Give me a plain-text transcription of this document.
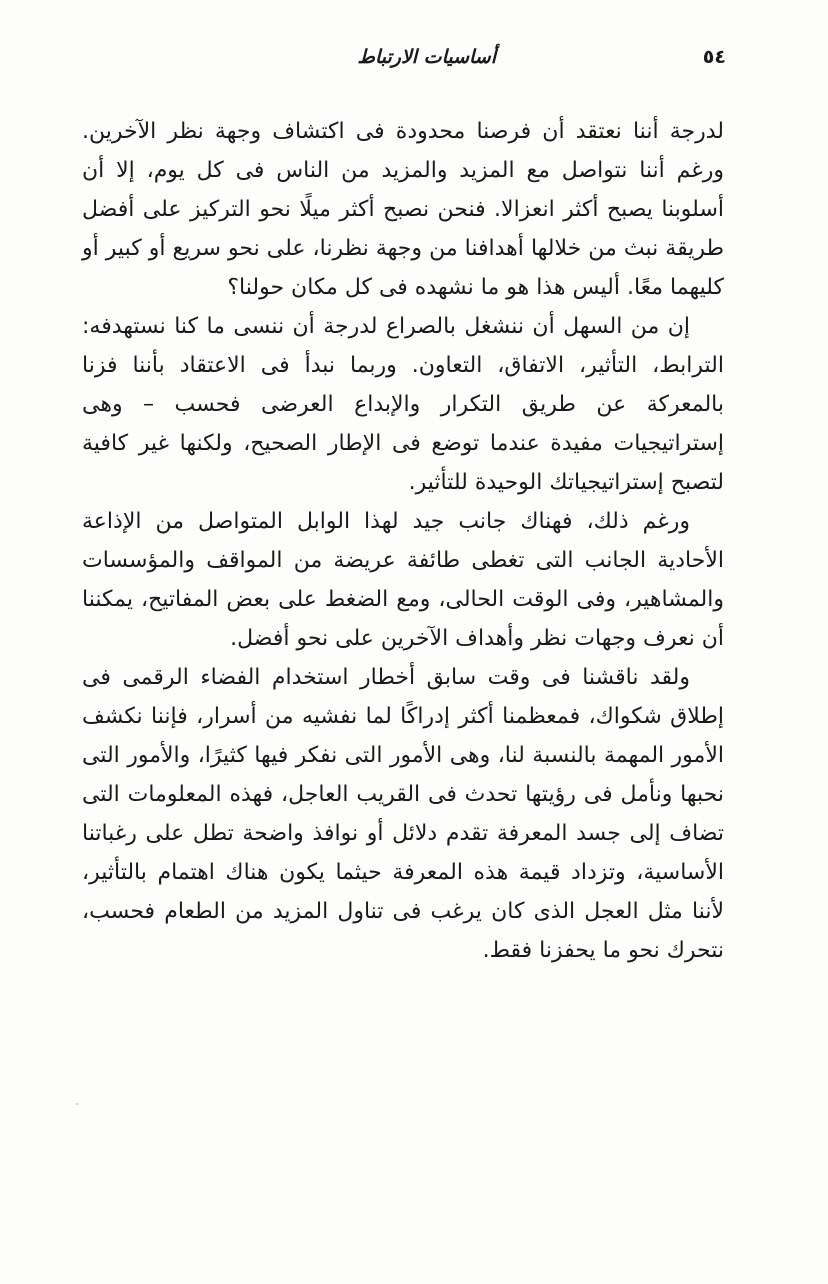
٥٤
أساسيات الارتباط

لدرجة أننا نعتقد أن فرصنا محدودة فى اكتشاف وجهة نظر الآخرين. ورغم أننا نتواصل مع المزيد والمزيد من الناس فى كل يوم، إلا أن أسلوبنا يصبح أكثر انعزالا. فنحن نصبح أكثر ميلًا نحو التركيز على أفضل طريقة نبث من خلالها أهدافنا من وجهة نظرنا، على نحو سريع أو كبير أو كليهما معًا. أليس هذا هو ما نشهده فى كل مكان حولنا؟

إن من السهل أن ننشغل بالصراع لدرجة أن ننسى ما كنا نستهدفه: الترابط، التأثير، الاتفاق، التعاون. وربما نبدأ فى الاعتقاد بأننا فزنا بالمعركة عن طريق التكرار والإبداع العرضى فحسب – وهى إستراتيجيات مفيدة عندما توضع فى الإطار الصحيح، ولكنها غير كافية لتصبح إستراتيجياتك الوحيدة للتأثير.

ورغم ذلك، فهناك جانب جيد لهذا الوابل المتواصل من الإذاعة الأحادية الجانب التى تغطى طائفة عريضة من المواقف والمؤسسات والمشاهير، وفى الوقت الحالى، ومع الضغط على بعض المفاتيح، يمكننا أن نعرف وجهات نظر وأهداف الآخرين على نحو أفضل.

ولقد ناقشنا فى وقت سابق أخطار استخدام الفضاء الرقمى فى إطلاق شكواك، فمعظمنا أكثر إدراكًا لما نفشيه من أسرار، فإننا نكشف الأمور المهمة بالنسبة لنا، وهى الأمور التى نفكر فيها كثيرًا، والأمور التى نحبها ونأمل فى رؤيتها تحدث فى القريب العاجل، فهذه المعلومات التى تضاف إلى جسد المعرفة تقدم دلائل أو نوافذ واضحة تطل على رغباتنا الأساسية، وتزداد قيمة هذه المعرفة حيثما يكون هناك اهتمام بالتأثير، لأننا مثل العجل الذى كان يرغب فى تناول المزيد من الطعام فحسب، نتحرك نحو ما يحفزنا فقط.
